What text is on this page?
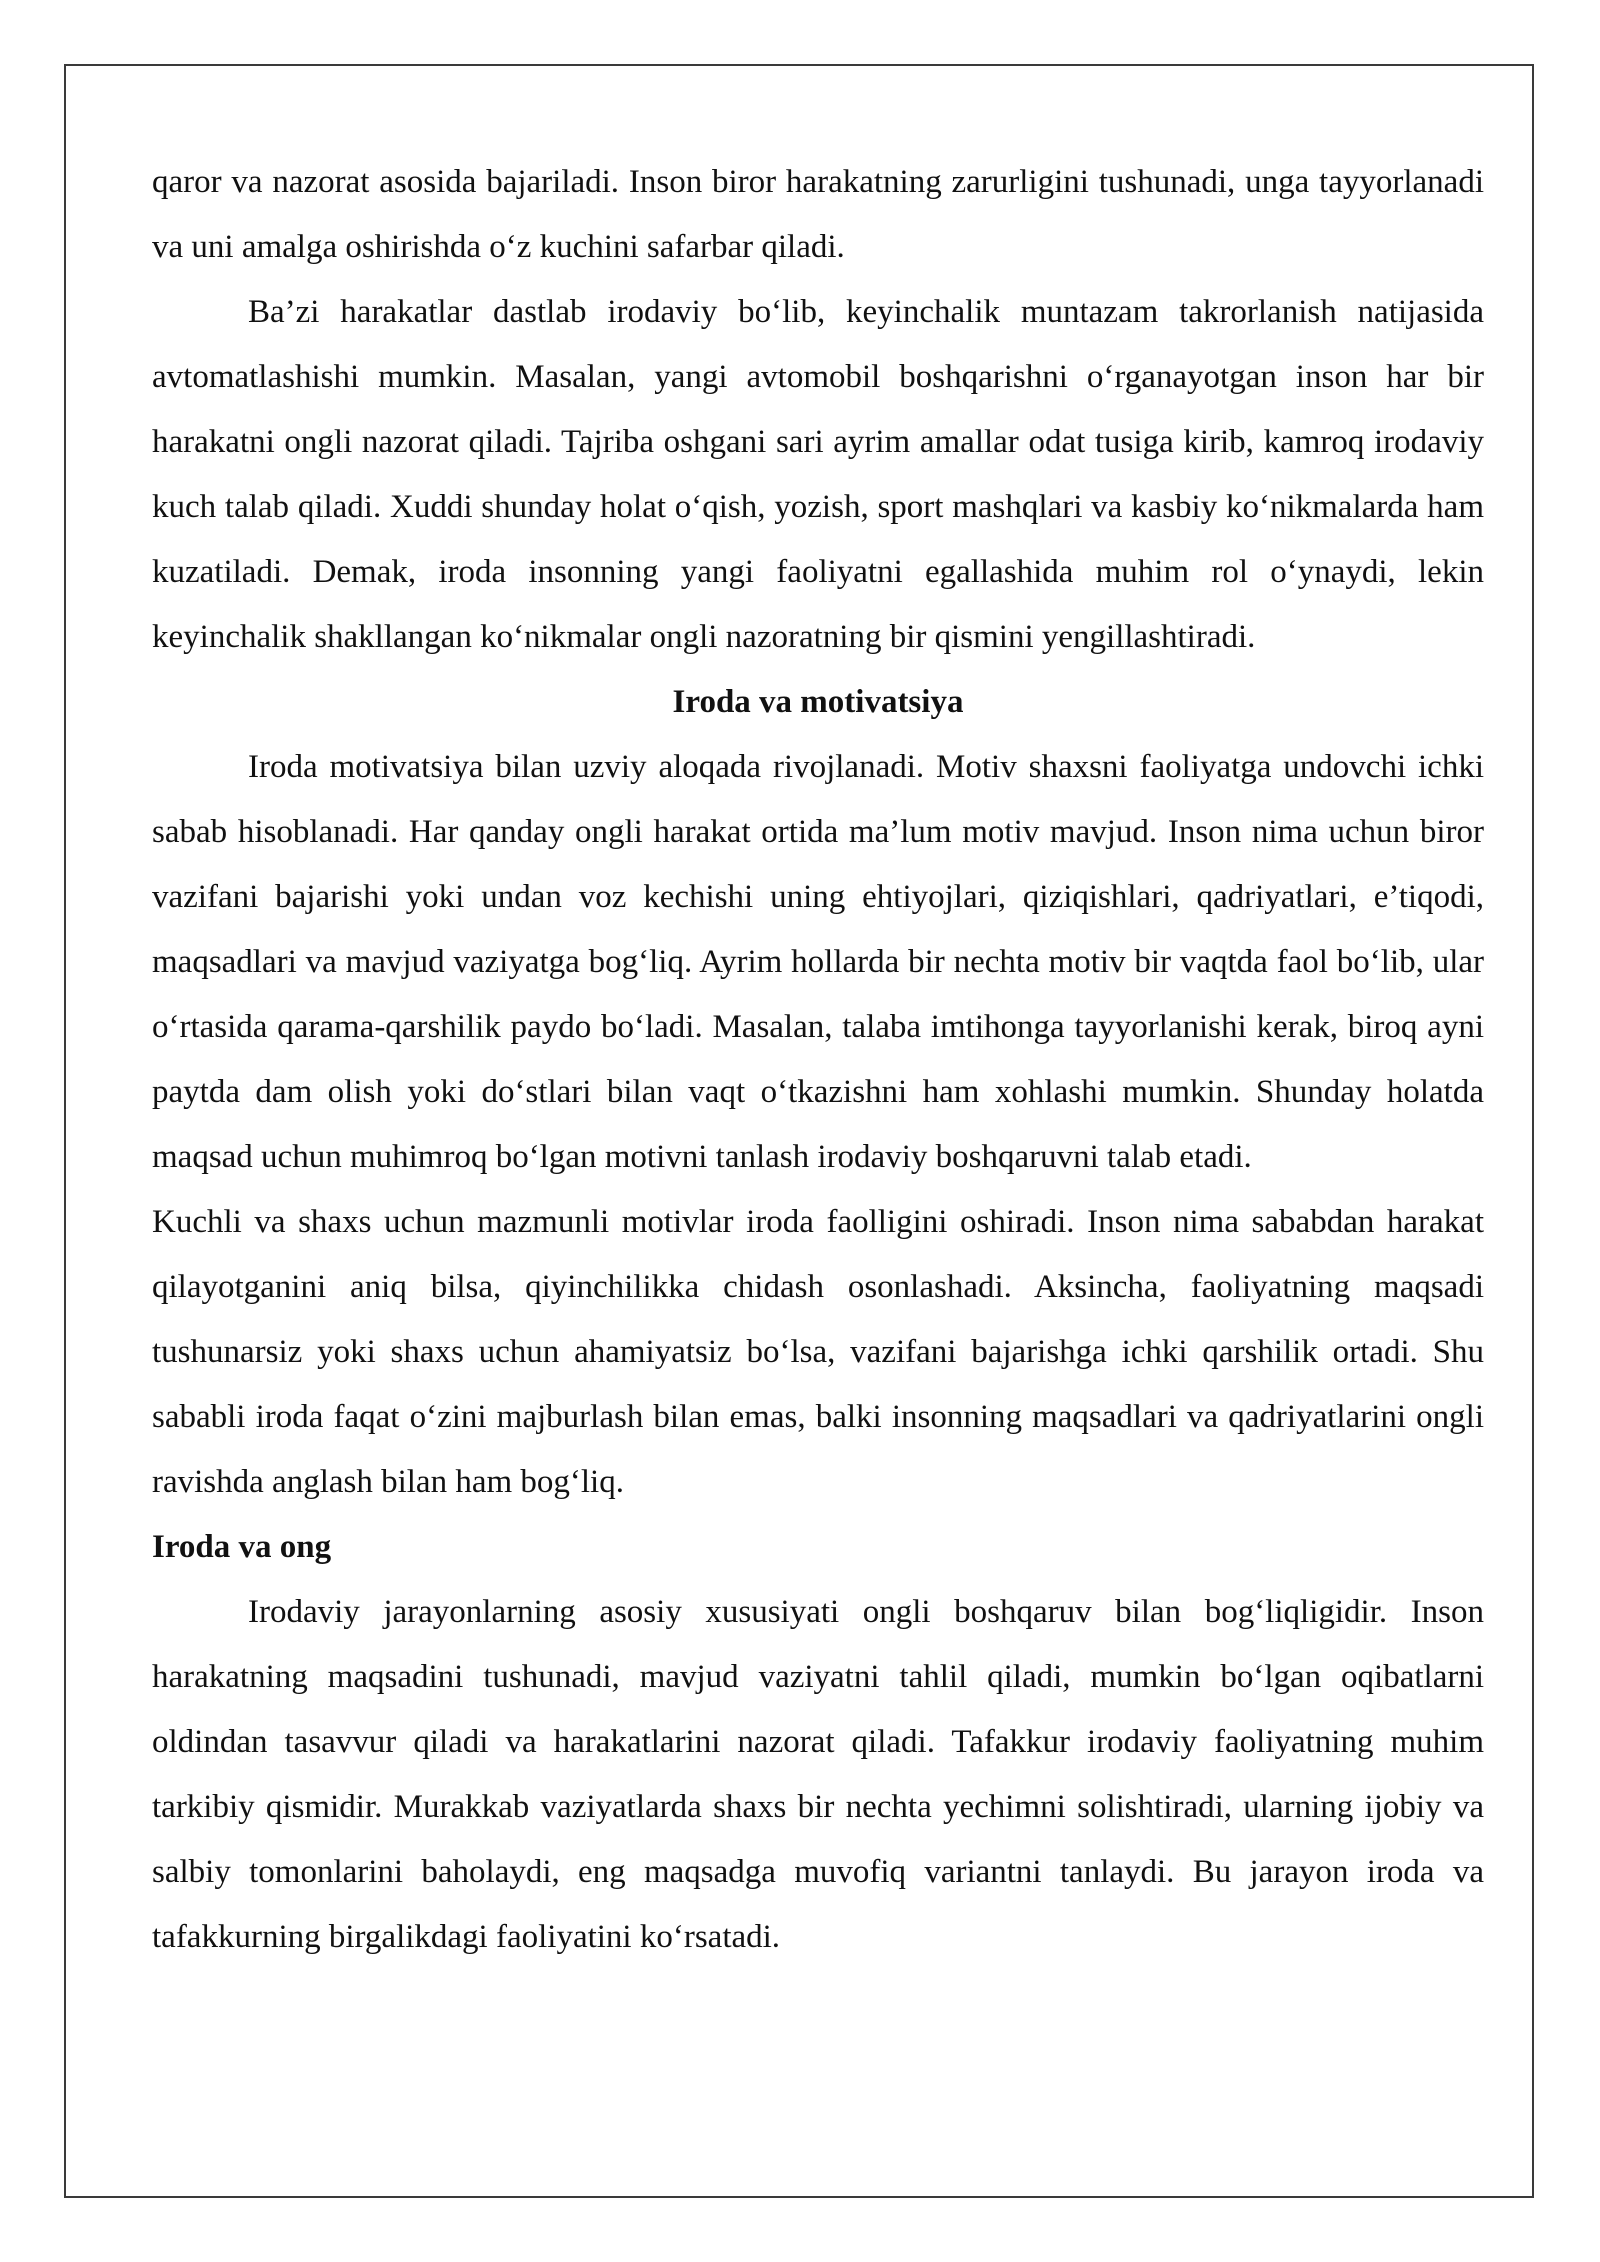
qaror va nazorat asosida bajariladi. Inson biror harakatning zarurligini tushunadi, unga tayyorlanadi va uni amalga oshirishda o‘z kuchini safarbar qiladi.

Ba’zi harakatlar dastlab irodaviy bo‘lib, keyinchalik muntazam takrorlanish natijasida avtomatlashishi mumkin. Masalan, yangi avtomobil boshqarishni o‘rganayotgan inson har bir harakatni ongli nazorat qiladi. Tajriba oshgani sari ayrim amallar odat tusiga kirib, kamroq irodaviy kuch talab qiladi. Xuddi shunday holat o‘qish, yozish, sport mashqlari va kasbiy ko‘nikmalarda ham kuzatiladi. Demak, iroda insonning yangi faoliyatni egallashida muhim rol o‘ynaydi, lekin keyinchalik shakllangan ko‘nikmalar ongli nazoratning bir qismini yengillashtiradi.

Iroda va motivatsiya

Iroda motivatsiya bilan uzviy aloqada rivojlanadi. Motiv shaxsni faoliyatga undovchi ichki sabab hisoblanadi. Har qanday ongli harakat ortida ma’lum motiv mavjud. Inson nima uchun biror vazifani bajarishi yoki undan voz kechishi uning ehtiyojlari, qiziqishlari, qadriyatlari, e’tiqodi, maqsadlari va mavjud vaziyatga bog‘liq. Ayrim hollarda bir nechta motiv bir vaqtda faol bo‘lib, ular o‘rtasida qarama-qarshilik paydo bo‘ladi. Masalan, talaba imtihonga tayyorlanishi kerak, biroq ayni paytda dam olish yoki do‘stlari bilan vaqt o‘tkazishni ham xohlashi mumkin. Shunday holatda maqsad uchun muhimroq bo‘lgan motivni tanlash irodaviy boshqaruvni talab etadi.

Kuchli va shaxs uchun mazmunli motivlar iroda faolligini oshiradi. Inson nima sababdan harakat qilayotganini aniq bilsa, qiyinchilikka chidash osonlashadi. Aksincha, faoliyatning maqsadi tushunarsiz yoki shaxs uchun ahamiyatsiz bo‘lsa, vazifani bajarishga ichki qarshilik ortadi. Shu sababli iroda faqat o‘zini majburlash bilan emas, balki insonning maqsadlari va qadriyatlarini ongli ravishda anglash bilan ham bog‘liq.

Iroda va ong

Irodaviy jarayonlarning asosiy xususiyati ongli boshqaruv bilan bog‘liqligidir. Inson harakatning maqsadini tushunadi, mavjud vaziyatni tahlil qiladi, mumkin bo‘lgan oqibatlarni oldindan tasavvur qiladi va harakatlarini nazorat qiladi. Tafakkur irodaviy faoliyatning muhim tarkibiy qismidir. Murakkab vaziyatlarda shaxs bir nechta yechimni solishtiradi, ularning ijobiy va salbiy tomonlarini baholaydi, eng maqsadga muvofiq variantni tanlaydi. Bu jarayon iroda va tafakkurning birgalikdagi faoliyatini ko‘rsatadi.
